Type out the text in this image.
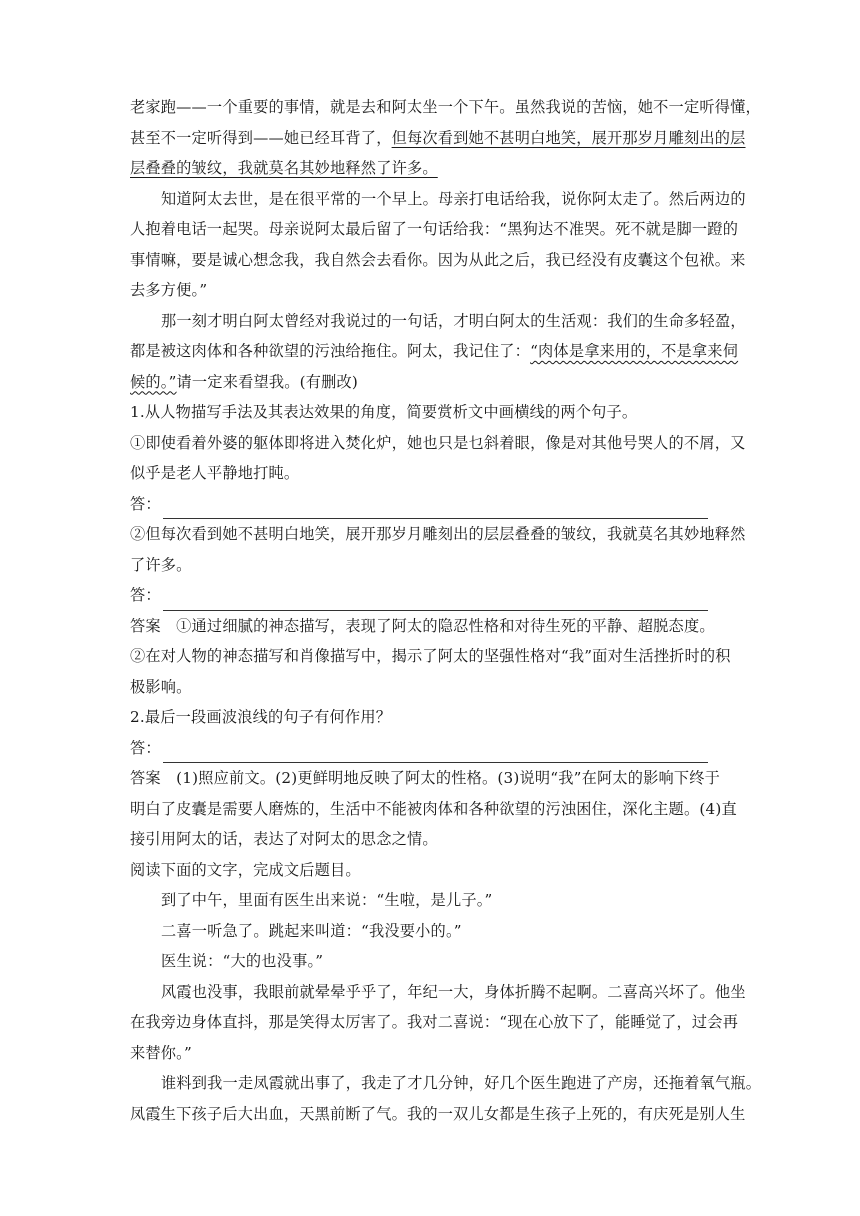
老家跑——一个重要的事情，就是去和阿太坐一个下午。虽然我说的苦恼，她不一定听得懂，
甚至不一定听得到——她已经耳背了，但每次看到她不甚明白地笑，展开那岁月雕刻出的层
层叠叠的皱纹，我就莫名其妙地释然了许多。
知道阿太去世，是在很平常的一个早上。母亲打电话给我，说你阿太走了。然后两边的
人抱着电话一起哭。母亲说阿太最后留了一句话给我：“黑狗达不准哭。死不就是脚一蹬的
事情嘛，要是诚心想念我，我自然会去看你。因为从此之后，我已经没有皮囊这个包袱。来
去多方便。”
那一刻才明白阿太曾经对我说过的一句话，才明白阿太的生活观：我们的生命多轻盈，
都是被这肉体和各种欲望的污浊给拖住。阿太，我记住了：“肉体是拿来用的，不是拿来伺
候的。”请一定来看望我。(有删改)
1.从人物描写手法及其表达效果的角度，简要赏析文中画横线的两个句子。
①即使看着外婆的躯体即将进入焚化炉，她也只是乜斜着眼，像是对其他号哭人的不屑，又
似乎是老人平静地打盹。
答：
②但每次看到她不甚明白地笑，展开那岁月雕刻出的层层叠叠的皱纹，我就莫名其妙地释然
了许多。
答：
答案　①通过细腻的神态描写，表现了阿太的隐忍性格和对待生死的平静、超脱态度。
②在对人物的神态描写和肖像描写中，揭示了阿太的坚强性格对“我”面对生活挫折时的积
极影响。
2.最后一段画波浪线的句子有何作用？
答：
答案　(1)照应前文。(2)更鲜明地反映了阿太的性格。(3)说明“我”在阿太的影响下终于
明白了皮囊是需要人磨炼的，生活中不能被肉体和各种欲望的污浊困住，深化主题。(4)直
接引用阿太的话，表达了对阿太的思念之情。
阅读下面的文字，完成文后题目。
到了中午，里面有医生出来说：“生啦，是儿子。”
二喜一听急了。跳起来叫道：“我没要小的。”
医生说：“大的也没事。”
风霞也没事，我眼前就晕晕乎乎了，年纪一大，身体折腾不起啊。二喜高兴坏了。他坐
在我旁边身体直抖，那是笑得太厉害了。我对二喜说：“现在心放下了，能睡觉了，过会再
来替你。”
谁料到我一走凤霞就出事了，我走了才几分钟，好几个医生跑进了产房，还拖着氧气瓶。
凤霞生下孩子后大出血，天黑前断了气。我的一双儿女都是生孩子上死的，有庆死是别人生
